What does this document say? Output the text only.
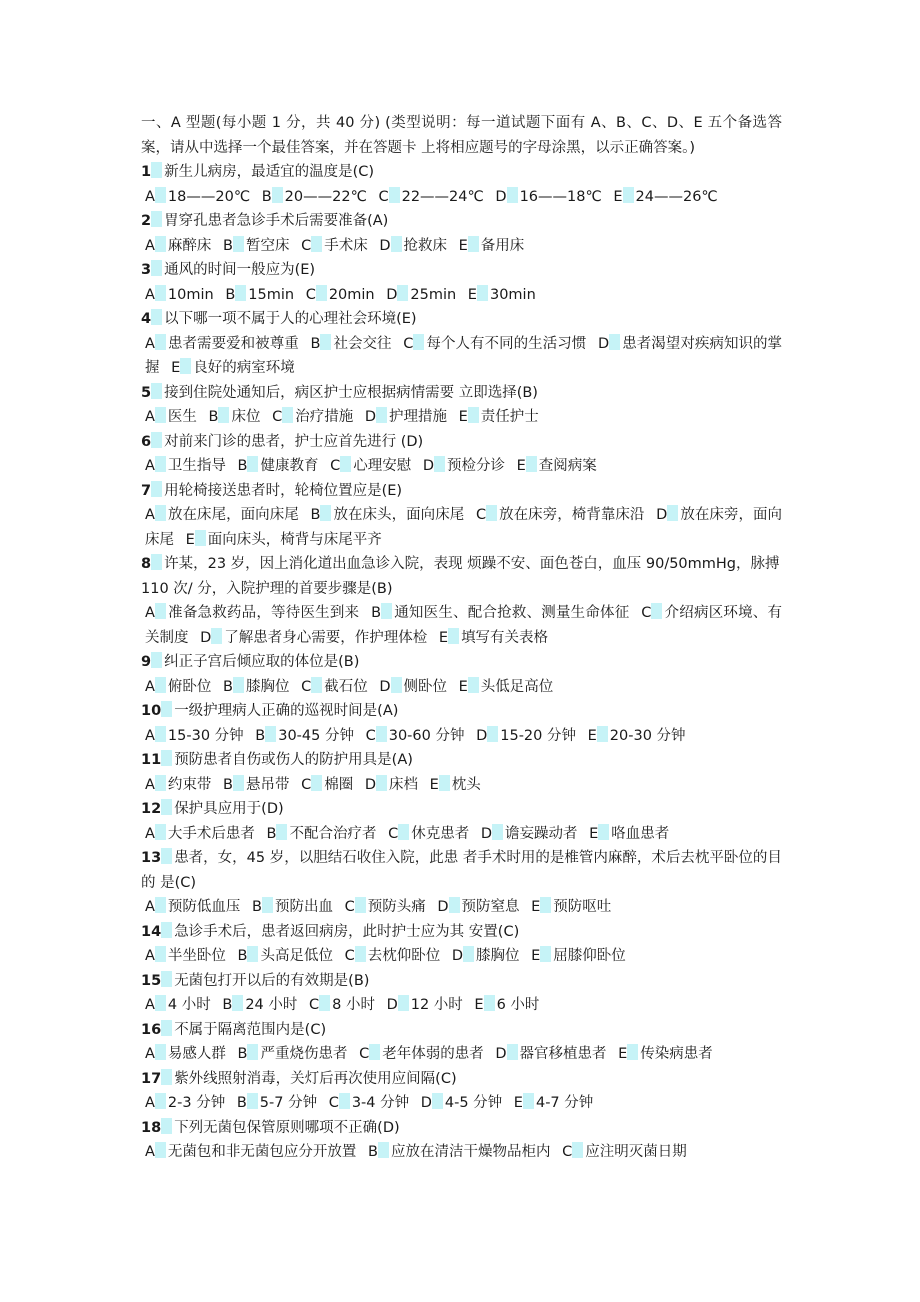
一、A 型题(每小题 1 分，共 40 分) (类型说明：每一道试题下面有 A、B、C、D、E 五个备选答案，请从中选择一个最佳答案，并在答题卡 上将相应题号的字母涂黑，以示正确答案。)

1. 新生儿病房，最适宜的温度是(C)

A. 18——20℃ B. 20——22℃ C. 22——24℃ D. 16——18℃ E. 24——26℃

2. 胃穿孔患者急诊手术后需要准备(A)

A. 麻醉床 B. 暂空床 C. 手术床 D. 抢救床 E. 备用床

3. 通风的时间一般应为(E)

A. 10min B. 15min C. 20min D. 25min E. 30min

4. 以下哪一项不属于人的心理社会环境(E)

A. 患者需要爱和被尊重 B. 社会交往 C. 每个人有不同的生活习惯 D. 患者渴望对疾病知识的掌握 E. 良好的病室环境

5. 接到住院处通知后，病区护士应根据病情需要 立即选择(B)

A. 医生 B. 床位 C. 治疗措施 D. 护理措施 E. 责任护士

6. 对前来门诊的患者，护士应首先进行 (D)

A. 卫生指导 B. 健康教育 C. 心理安慰 D. 预检分诊 E. 查阅病案

7. 用轮椅接送患者时，轮椅位置应是(E)

A. 放在床尾，面向床尾 B. 放在床头，面向床尾 C. 放在床旁，椅背靠床沿 D. 放在床旁，面向床尾 E. 面向床头，椅背与床尾平齐

8. 许某，23 岁，因上消化道出血急诊入院，表现 烦躁不安、面色苍白，血压 90/50mmHg，脉搏 110 次/ 分，入院护理的首要步骤是(B)

A. 准备急救药品，等待医生到来 B. 通知医生、配合抢救、测量生命体征 C. 介绍病区环境、有关制度 D. 了解患者身心需要，作护理体检 E. 填写有关表格

9. 纠正子宫后倾应取的体位是(B)

A. 俯卧位 B. 膝胸位 C. 截石位 D. 侧卧位 E. 头低足高位

10. 一级护理病人正确的巡视时间是(A)

A. 15-30 分钟 B. 30-45 分钟 C. 30-60 分钟 D. 15-20 分钟 E. 20-30 分钟

11. 预防患者自伤或伤人的防护用具是(A)

A. 约束带 B. 悬吊带 C. 棉圈 D. 床档 E. 枕头

12. 保护具应用于(D)

A. 大手术后患者 B. 不配合治疗者 C. 休克患者 D. 谵妄躁动者 E. 咯血患者

13. 患者，女，45 岁，以胆结石收住入院，此患 者手术时用的是椎管内麻醉，术后去枕平卧位的目的 是(C)

A. 预防低血压 B. 预防出血 C. 预防头痛 D. 预防窒息 E. 预防呕吐

14. 急诊手术后，患者返回病房，此时护士应为其 安置(C)

A. 半坐卧位 B. 头高足低位 C. 去枕仰卧位 D. 膝胸位 E. 屈膝仰卧位

15. 无菌包打开以后的有效期是(B)

A. 4 小时 B. 24 小时 C. 8 小时 D. 12 小时 E. 6 小时

16. 不属于隔离范围内是(C)

A. 易感人群 B. 严重烧伤患者 C. 老年体弱的患者 D. 器官移植患者 E. 传染病患者

17. 紫外线照射消毒，关灯后再次使用应间隔(C)

A. 2-3 分钟 B. 5-7 分钟 C. 3-4 分钟 D. 4-5 分钟 E. 4-7 分钟

18. 下列无菌包保管原则哪项不正确(D)

A. 无菌包和非无菌包应分开放置 B. 应放在清洁干燥物品柜内 C. 应注明灭菌日期
